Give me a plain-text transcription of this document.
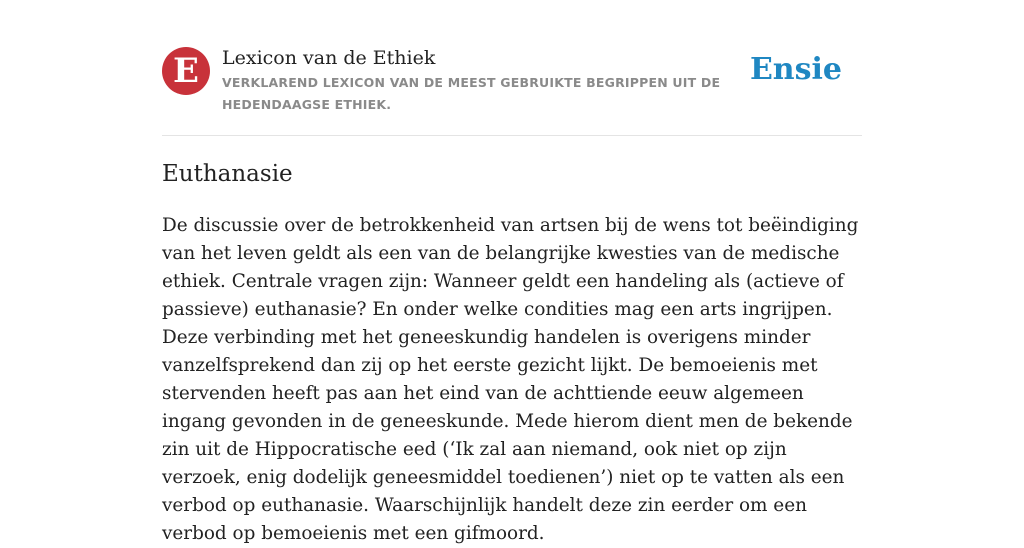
E	Lexicon van de Ethiek
VERKLAREND LEXICON VAN DE MEEST GEBRUIKTE BEGRIPPEN UIT DE HEDENDAAGSE ETHIEK.
Ensie
Euthanasie

De discussie over de betrokkenheid van artsen bij de wens tot beëindiging van het leven geldt als een van de belangrijke kwesties van de medische ethiek. Centrale vragen zijn: Wanneer geldt een handeling als (actieve of passieve) euthanasie? En onder welke condities mag een arts ingrijpen. Deze verbinding met het geneeskundig handelen is overigens minder vanzelfsprekend dan zij op het eerste gezicht lijkt. De bemoeienis met stervenden heeft pas aan het eind van de achttiende eeuw algemeen ingang gevonden in de geneeskunde. Mede hierom dient men de bekende zin uit de Hippocratische eed (‘Ik zal aan niemand, ook niet op zijn verzoek, enig dodelijk geneesmiddel toedienen’) niet op te vatten als een verbod op euthanasie. Waarschijnlijk handelt deze zin eerder om een verbod op bemoeienis met een gifmoord.
